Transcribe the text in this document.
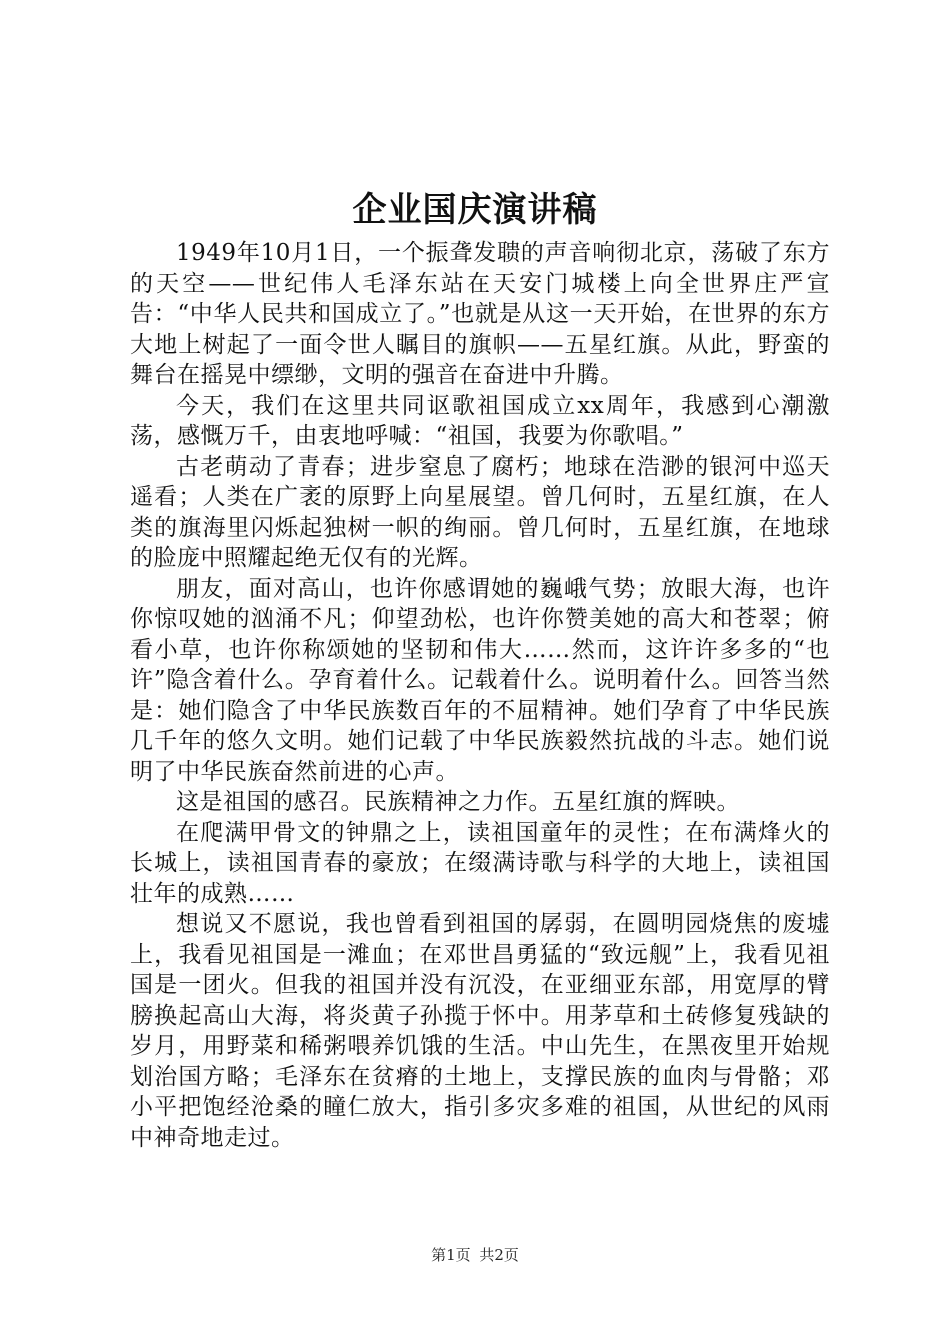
企业国庆演讲稿

1949年10月1日，一个振聋发聩的声音响彻北京，荡破了东方的天空——世纪伟人毛泽东站在天安门城楼上向全世界庄严宣告：“中华人民共和国成立了。”也就是从这一天开始，在世界的东方大地上树起了一面令世人瞩目的旗帜——五星红旗。从此，野蛮的舞台在摇晃中缥缈，文明的强音在奋进中升腾。

今天，我们在这里共同讴歌祖国成立xx周年，我感到心潮激荡，感慨万千，由衷地呼喊：“祖国，我要为你歌唱。”

古老萌动了青春；进步窒息了腐朽；地球在浩渺的银河中巡天遥看；人类在广袤的原野上向星展望。曾几何时，五星红旗，在人类的旗海里闪烁起独树一帜的绚丽。曾几何时，五星红旗，在地球的脸庞中照耀起绝无仅有的光辉。

朋友，面对高山，也许你感谓她的巍峨气势；放眼大海，也许你惊叹她的汹涌不凡；仰望劲松，也许你赞美她的高大和苍翠；俯看小草，也许你称颂她的坚韧和伟大……然而，这许许多多的“也许”隐含着什么。孕育着什么。记载着什么。说明着什么。回答当然是：她们隐含了中华民族数百年的不屈精神。她们孕育了中华民族几千年的悠久文明。她们记载了中华民族毅然抗战的斗志。她们说明了中华民族奋然前进的心声。

这是祖国的感召。民族精神之力作。五星红旗的辉映。

在爬满甲骨文的钟鼎之上，读祖国童年的灵性；在布满烽火的长城上，读祖国青春的豪放；在缀满诗歌与科学的大地上，读祖国壮年的成熟……

想说又不愿说，我也曾看到祖国的孱弱，在圆明园烧焦的废墟上，我看见祖国是一滩血；在邓世昌勇猛的“致远舰”上，我看见祖国是一团火。但我的祖国并没有沉没，在亚细亚东部，用宽厚的臂膀换起高山大海，将炎黄子孙揽于怀中。用茅草和土砖修复残缺的岁月，用野菜和稀粥喂养饥饿的生活。中山先生，在黑夜里开始规划治国方略；毛泽东在贫瘠的土地上，支撑民族的血肉与骨骼；邓小平把饱经沧桑的瞳仁放大，指引多灾多难的祖国，从世纪的风雨中神奇地走过。

第1页 共2页
